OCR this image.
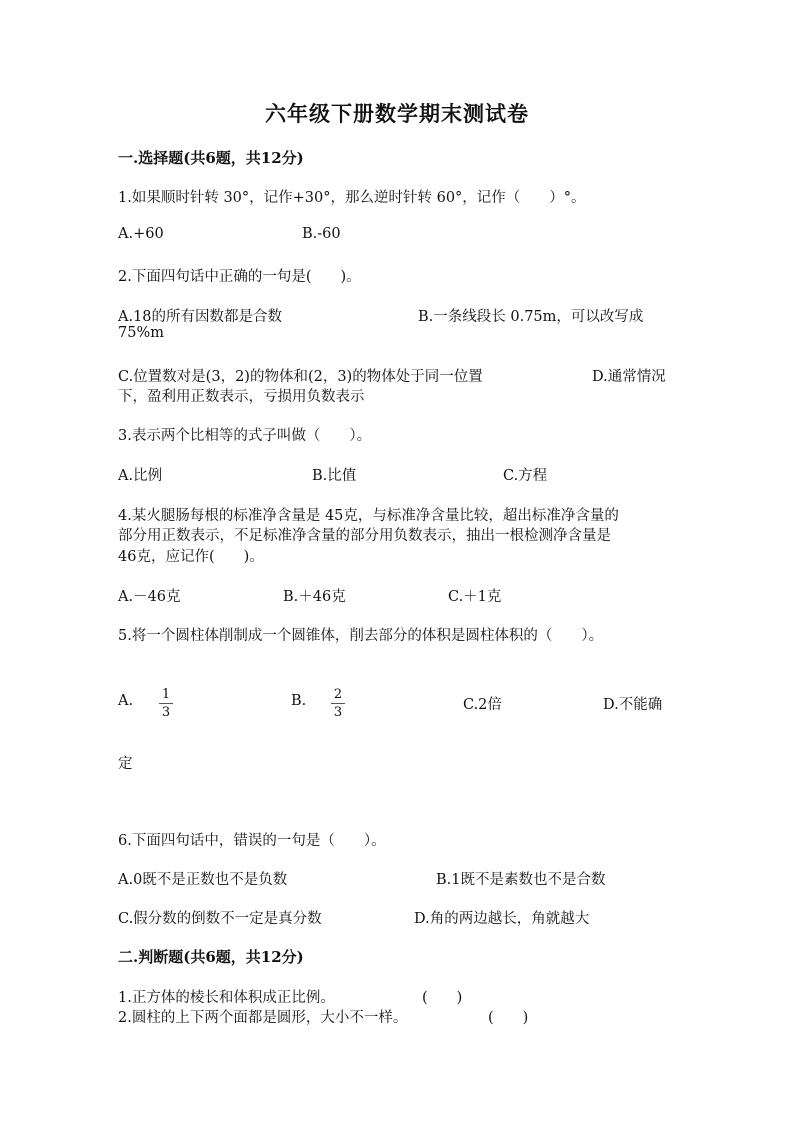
六年级下册数学期末测试卷
一.选择题(共6题，共12分)
1.如果顺时针转 30°，记作+30°，那么逆时针转 60°，记作（　　）°。
A.+60	B.-60
2.下面四句话中正确的一句是(　　)。
A.18的所有因数都是合数	B.一条线段长 0.75m，可以改写成
75%m
C.位置数对是(3，2)的物体和(2，3)的物体处于同一位置	D.通常情况
下，盈利用正数表示，亏损用负数表示
3.表示两个比相等的式子叫做（　　）。
A.比例	B.比值	C.方程
4.某火腿肠每根的标准净含量是 45克，与标准净含量比较，超出标准净含量的
部分用正数表示，不足标准净含量的部分用负数表示，抽出一根检测净含量是
46克，应记作(　　)。
A.－46克	B.＋46克	C.＋1克
5.将一个圆柱体削制成一个圆锥体，削去部分的体积是圆柱体积的（　　）。
A. 1
3
B. 2
3	C.2倍	D.不能确
定
6.下面四句话中，错误的一句是（　　）。
A.0既不是正数也不是负数	B.1既不是素数也不是合数
C.假分数的倒数不一定是真分数	D.角的两边越长，角就越大
二.判断题(共6题，共12分)
1.正方体的棱长和体积成正比例。	(　　)
2.圆柱的上下两个面都是圆形，大小不一样。	(　　)
